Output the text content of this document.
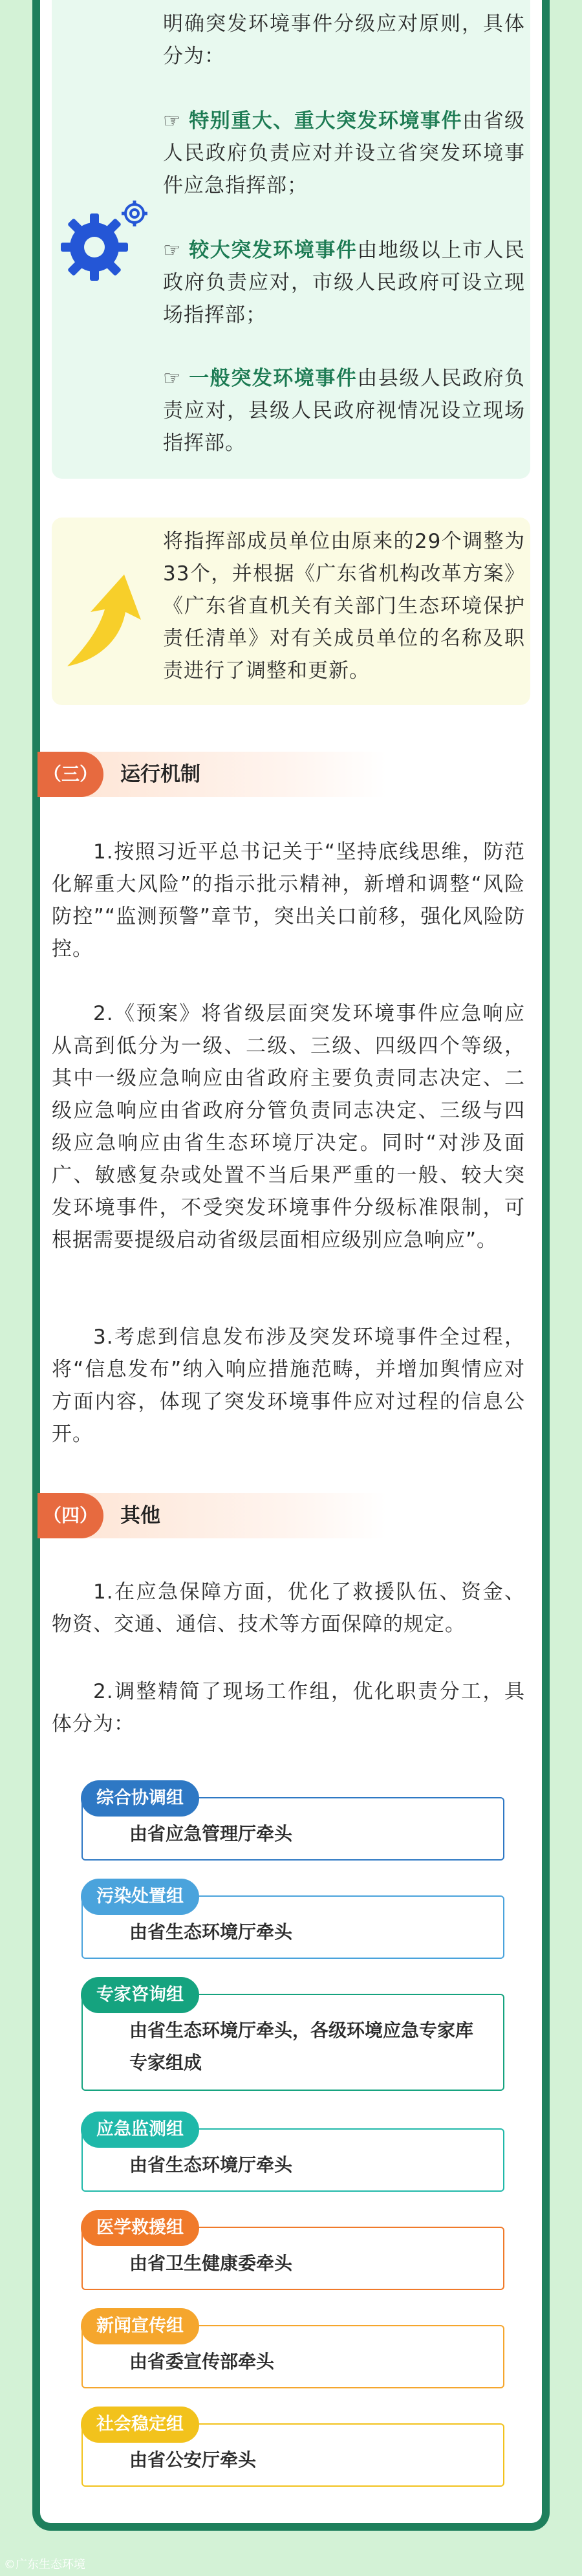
明确突发环境事件分级应对原则，具体分为：

☞ 特别重大、重大突发环境事件由省级人民政府负责应对并设立省突发环境事件应急指挥部；

☞ 较大突发环境事件由地级以上市人民政府负责应对，市级人民政府可设立现场指挥部；

☞ 一般突发环境事件由县级人民政府负责应对，县级人民政府视情况设立现场指挥部。

将指挥部成员单位由原来的29个调整为33个，并根据《广东省机构改革方案》《广东省直机关有关部门生态环境保护责任清单》对有关成员单位的名称及职责进行了调整和更新。

（三） 运行机制

1.按照习近平总书记关于“坚持底线思维，防范化解重大风险”的指示批示精神，新增和调整“风险防控”“监测预警”章节，突出关口前移，强化风险防控。

2.《预案》将省级层面突发环境事件应急响应从高到低分为一级、二级、三级、四级四个等级，其中一级应急响应由省政府主要负责同志决定、二级应急响应由省政府分管负责同志决定、三级与四级应急响应由省生态环境厅决定。同时“对涉及面广、敏感复杂或处置不当后果严重的一般、较大突发环境事件，不受突发环境事件分级标准限制，可根据需要提级启动省级层面相应级别应急响应”。

3.考虑到信息发布涉及突发环境事件全过程，将“信息发布”纳入响应措施范畴，并增加舆情应对方面内容，体现了突发环境事件应对过程的信息公开。

（四） 其他

1.在应急保障方面，优化了救援队伍、资金、物资、交通、通信、技术等方面保障的规定。

2.调整精简了现场工作组，优化职责分工，具体分为：

综合协调组

由省应急管理厅牵头

污染处置组

由省生态环境厅牵头

专家咨询组

由省生态环境厅牵头，各级环境应急专家库专家组成

应急监测组

由省生态环境厅牵头

医学救援组

由省卫生健康委牵头

新闻宣传组

由省委宣传部牵头

社会稳定组

由省公安厅牵头

©广东生态环境
